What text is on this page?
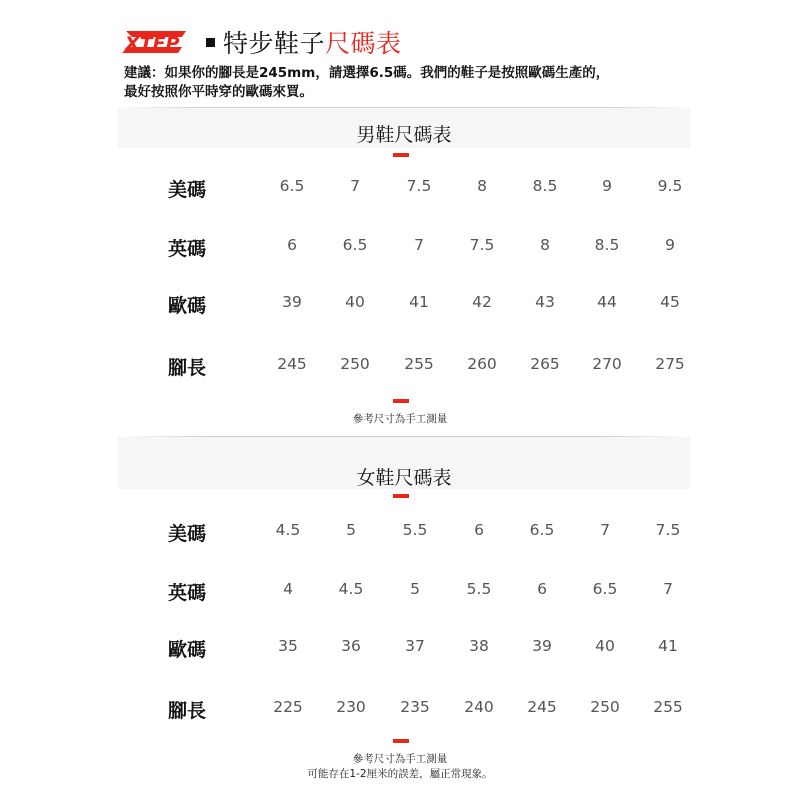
XTEP 特步鞋子尺碼表
建議：如果你的腳長是245mm，請選擇6.5碼。我們的鞋子是按照歐碼生產的，
最好按照你平時穿的歐碼來買。
男鞋尺碼表
美碼	6.5	7	7.5	8	8.5	9	9.5
英碼	6	6.5	7	7.5	8	8.5	9
歐碼	39	40	41	42	43	44	45
腳長	245	250	255	260	265	270	275
參考尺寸為手工測量
女鞋尺碼表
美碼	4.5	5	5.5	6	6.5	7	7.5
英碼	4	4.5	5	5.5	6	6.5	7
歐碼	35	36	37	38	39	40	41
腳長	225	230	235	240	245	250	255
參考尺寸為手工測量
可能存在1-2厘米的誤差，屬正常現象。
